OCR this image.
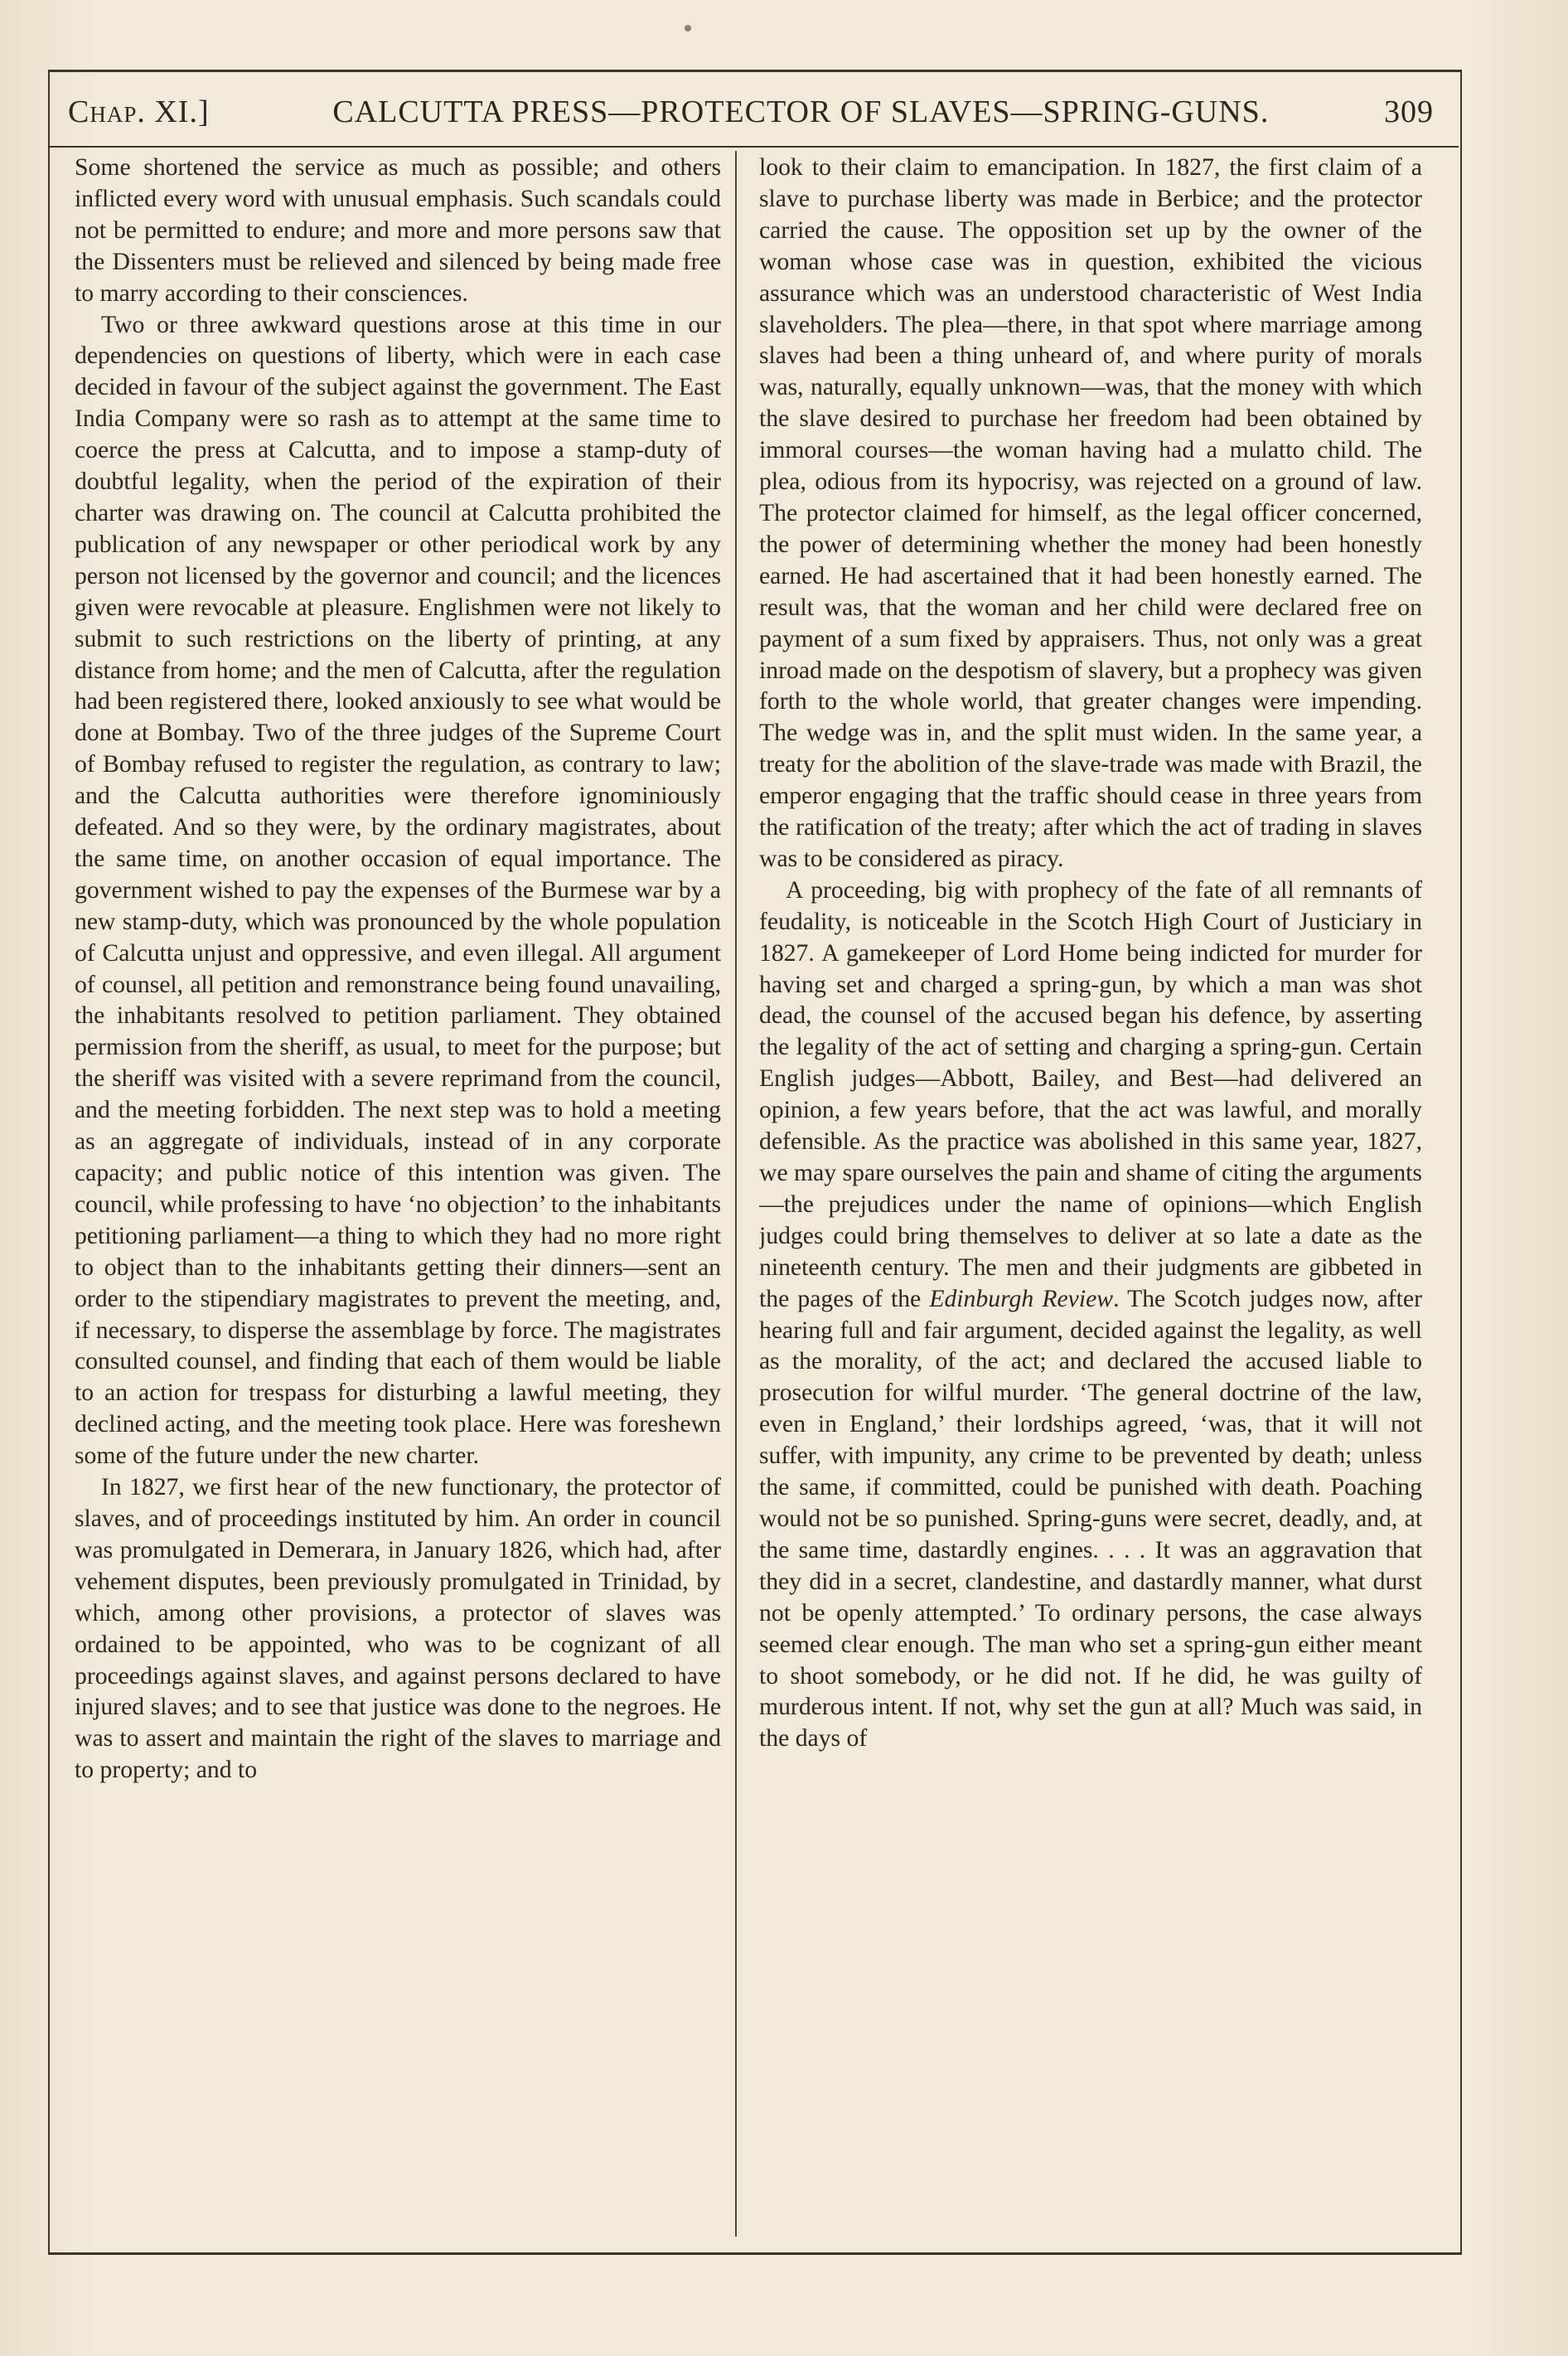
Chap. XI.]	CALCUTTA PRESS—PROTECTOR OF SLAVES—SPRING-GUNS.	309

Some shortened the service as much as possible; and others inflicted every word with unusual emphasis. Such scandals could not be permitted to endure; and more and more persons saw that the Dissenters must be relieved and silenced by being made free to marry according to their consciences.

Two or three awkward questions arose at this time in our dependencies on questions of liberty, which were in each case decided in favour of the subject against the government. The East India Company were so rash as to attempt at the same time to coerce the press at Calcutta, and to impose a stamp-duty of doubtful legality, when the period of the expiration of their charter was drawing on. The council at Calcutta prohibited the publication of any newspaper or other periodical work by any person not licensed by the governor and council; and the licences given were revocable at pleasure. Englishmen were not likely to submit to such restrictions on the liberty of printing, at any distance from home; and the men of Calcutta, after the regulation had been registered there, looked anxiously to see what would be done at Bombay. Two of the three judges of the Supreme Court of Bombay refused to register the regulation, as contrary to law; and the Calcutta authorities were therefore ignominiously defeated. And so they were, by the ordinary magistrates, about the same time, on another occasion of equal importance. The government wished to pay the expenses of the Burmese war by a new stamp-duty, which was pronounced by the whole population of Calcutta unjust and oppressive, and even illegal. All argument of counsel, all petition and remonstrance being found unavailing, the inhabitants resolved to petition parliament. They obtained permission from the sheriff, as usual, to meet for the purpose; but the sheriff was visited with a severe reprimand from the council, and the meeting forbidden. The next step was to hold a meeting as an aggregate of individuals, instead of in any corporate capacity; and public notice of this intention was given. The council, while professing to have ‘no objection’ to the inhabitants petitioning parliament—a thing to which they had no more right to object than to the inhabitants getting their dinners—sent an order to the stipendiary magistrates to prevent the meeting, and, if necessary, to disperse the assemblage by force. The magistrates consulted counsel, and finding that each of them would be liable to an action for trespass for disturbing a lawful meeting, they declined acting, and the meeting took place. Here was foreshewn some of the future under the new charter.

In 1827, we first hear of the new functionary, the protector of slaves, and of proceedings instituted by him. An order in council was promulgated in Demerara, in January 1826, which had, after vehement disputes, been previously promulgated in Trinidad, by which, among other provisions, a protector of slaves was ordained to be appointed, who was to be cognizant of all proceedings against slaves, and against persons declared to have injured slaves; and to see that justice was done to the negroes. He was to assert and maintain the right of the slaves to marriage and to property; and to

look to their claim to emancipation. In 1827, the first claim of a slave to purchase liberty was made in Berbice; and the protector carried the cause. The opposition set up by the owner of the woman whose case was in question, exhibited the vicious assurance which was an understood characteristic of West India slaveholders. The plea—there, in that spot where marriage among slaves had been a thing unheard of, and where purity of morals was, naturally, equally unknown—was, that the money with which the slave desired to purchase her freedom had been obtained by immoral courses—the woman having had a mulatto child. The plea, odious from its hypocrisy, was rejected on a ground of law. The protector claimed for himself, as the legal officer concerned, the power of determining whether the money had been honestly earned. He had ascertained that it had been honestly earned. The result was, that the woman and her child were declared free on payment of a sum fixed by appraisers. Thus, not only was a great inroad made on the despotism of slavery, but a prophecy was given forth to the whole world, that greater changes were impending. The wedge was in, and the split must widen. In the same year, a treaty for the abolition of the slave-trade was made with Brazil, the emperor engaging that the traffic should cease in three years from the ratification of the treaty; after which the act of trading in slaves was to be considered as piracy.

A proceeding, big with prophecy of the fate of all remnants of feudality, is noticeable in the Scotch High Court of Justiciary in 1827. A gamekeeper of Lord Home being indicted for murder for having set and charged a spring-gun, by which a man was shot dead, the counsel of the accused began his defence, by asserting the legality of the act of setting and charging a spring-gun. Certain English judges—Abbott, Bailey, and Best—had delivered an opinion, a few years before, that the act was lawful, and morally defensible. As the practice was abolished in this same year, 1827, we may spare ourselves the pain and shame of citing the arguments—the prejudices under the name of opinions—which English judges could bring themselves to deliver at so late a date as the nineteenth century. The men and their judgments are gibbeted in the pages of the Edinburgh Review. The Scotch judges now, after hearing full and fair argument, decided against the legality, as well as the morality, of the act; and declared the accused liable to prosecution for wilful murder. ‘The general doctrine of the law, even in England,’ their lordships agreed, ‘was, that it will not suffer, with impunity, any crime to be prevented by death; unless the same, if committed, could be punished with death. Poaching would not be so punished. Spring-guns were secret, deadly, and, at the same time, dastardly engines. . . . It was an aggravation that they did in a secret, clandestine, and dastardly manner, what durst not be openly attempted.’ To ordinary persons, the case always seemed clear enough. The man who set a spring-gun either meant to shoot somebody, or he did not. If he did, he was guilty of murderous intent. If not, why set the gun at all? Much was said, in the days of
